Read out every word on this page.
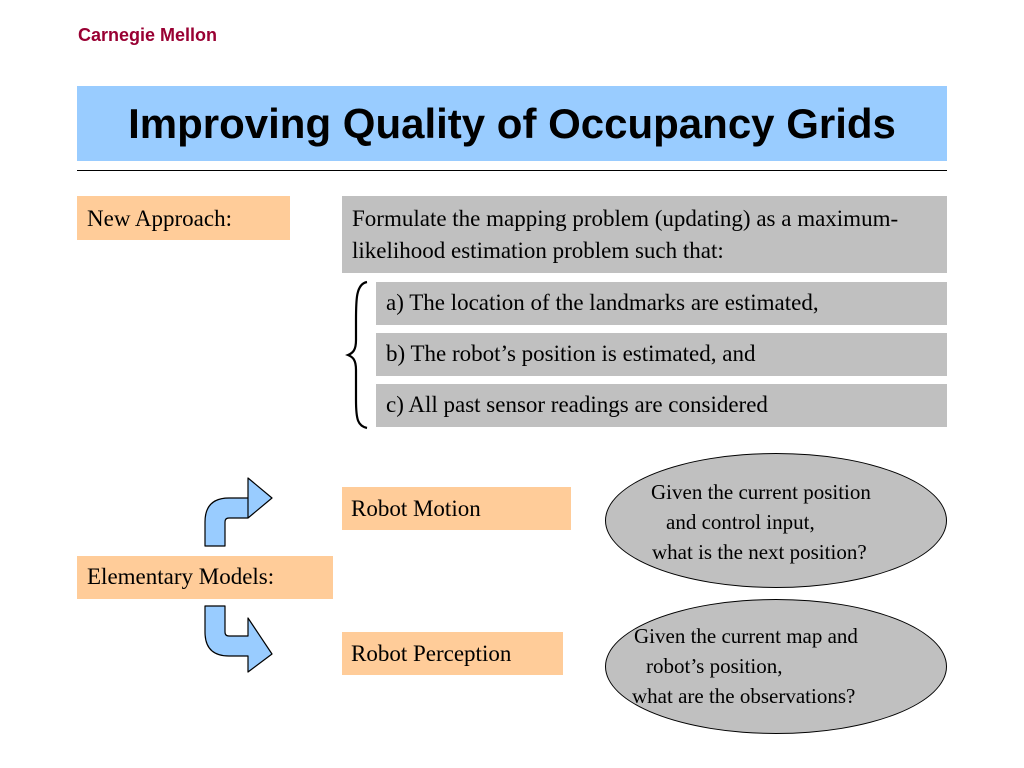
Carnegie Mellon
Improving Quality of Occupancy Grids
New Approach:	Formulate the mapping problem (updating) as a maximum-likelihood estimation problem such that:
a) The location of the landmarks are estimated,
b) The robot’s position is estimated, and
c) All past sensor readings are considered
Elementary Models:
Robot Motion
Robot Perception
Given the current position
and control input,
what is the next position?
Given the current map and
robot’s position,
what are the observations?
